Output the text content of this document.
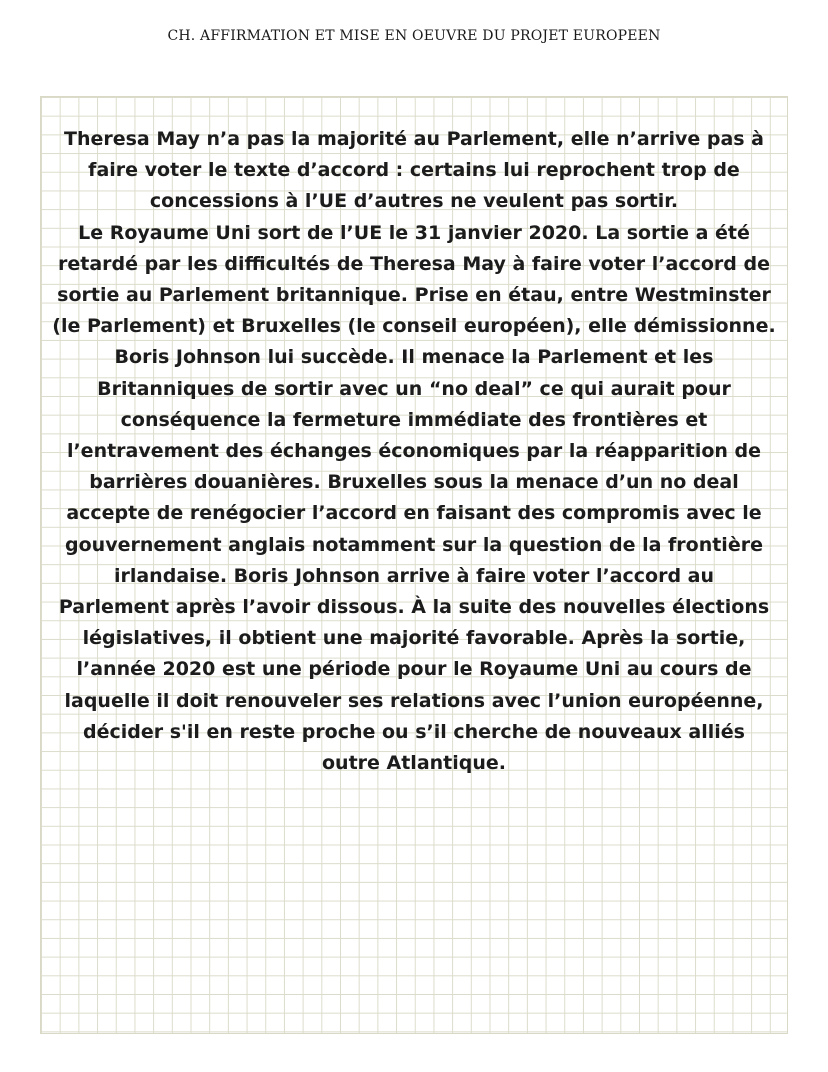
CH. AFFIRMATION ET MISE EN OEUVRE DU PROJET EUROPEEN
Theresa May n’a pas la majorité au Parlement, elle n’arrive pas à
faire voter le texte d’accord : certains lui reprochent trop de
concessions à l’UE d’autres ne veulent pas sortir.
Le Royaume Uni sort de l’UE le 31 janvier 2020. La sortie a été
retardé par les difficultés de Theresa May à faire voter l’accord de
sortie au Parlement britannique. Prise en étau, entre Westminster
(le Parlement) et Bruxelles (le conseil européen), elle démissionne.
Boris Johnson lui succède. Il menace la Parlement et les
Britanniques de sortir avec un “no deal” ce qui aurait pour
conséquence la fermeture immédiate des frontières et
l’entravement des échanges économiques par la réapparition de
barrières douanières. Bruxelles sous la menace d’un no deal
accepte de renégocier l’accord en faisant des compromis avec le
gouvernement anglais notamment sur la question de la frontière
irlandaise. Boris Johnson arrive à faire voter l’accord au
Parlement après l’avoir dissous. À la suite des nouvelles élections
législatives, il obtient une majorité favorable. Après la sortie,
l’année 2020 est une période pour le Royaume Uni au cours de
laquelle il doit renouveler ses relations avec l’union européenne,
décider s'il en reste proche ou s’il cherche de nouveaux alliés
outre Atlantique.
